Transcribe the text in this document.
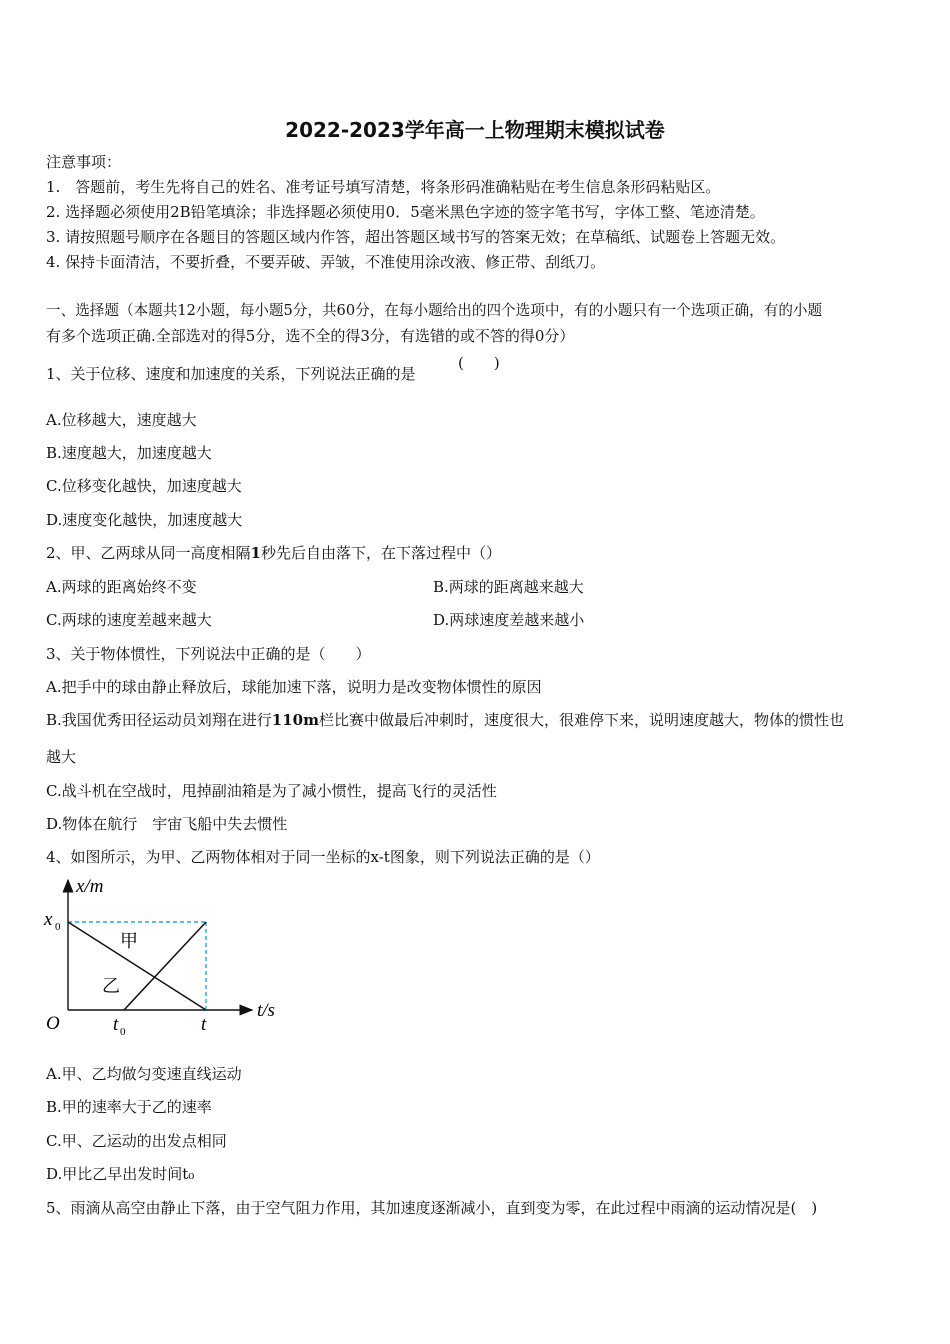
2022-2023学年高一上物理期末模拟试卷
注意事项：
1.　答题前，考生先将自己的姓名、准考证号填写清楚，将条形码准确粘贴在考生信息条形码粘贴区。
2. 选择题必须使用2B铅笔填涂；非选择题必须使用0．5毫米黑色字迹的签字笔书写，字体工整、笔迹清楚。
3. 请按照题号顺序在各题目的答题区域内作答，超出答题区域书写的答案无效；在草稿纸、试题卷上答题无效。
4. 保持卡面清洁，不要折叠，不要弄破、弄皱，不准使用涂改液、修正带、刮纸刀。
一、选择题（本题共12小题，每小题5分，共60分，在每小题给出的四个选项中，有的小题只有一个选项正确，有的小题
有多个选项正确.全部选对的得5分，选不全的得3分，有选错的或不答的得0分）
1、关于位移、速度和加速度的关系，下列说法正确的是
(　　)
A.位移越大，速度越大
B.速度越大，加速度越大
C.位移变化越快，加速度越大
D.速度变化越快，加速度越大
2、甲、乙两球从同一高度相隔1秒先后自由落下，在下落过程中（）
A.两球的距离始终不变	B.两球的距离越来越大
C.两球的速度差越来越大	D.两球速度差越来越小
3、关于物体惯性，下列说法中正确的是（　　）
A.把手中的球由静止释放后，球能加速下落，说明力是改变物体惯性的原因
B.我国优秀田径运动员刘翔在进行110m栏比赛中做最后冲刺时，速度很大，很难停下来，说明速度越大，物体的惯性也
越大
C.战斗机在空战时，甩掉副油箱是为了减小惯性，提高飞行的灵活性
D.物体在航行　宇宙飞船中失去惯性
4、如图所示，为甲、乙两物体相对于同一坐标的x-t图象，则下列说法正确的是（）
x/m
t/s
O
x 0
t 0	t
甲
乙
A.甲、乙均做匀变速直线运动
B.甲的速率大于乙的速率
C.甲、乙运动的出发点相同
D.甲比乙早出发时间t₀
5、雨滴从高空由静止下落，由于空气阻力作用，其加速度逐渐减小，直到变为零，在此过程中雨滴的运动情况是(　)
